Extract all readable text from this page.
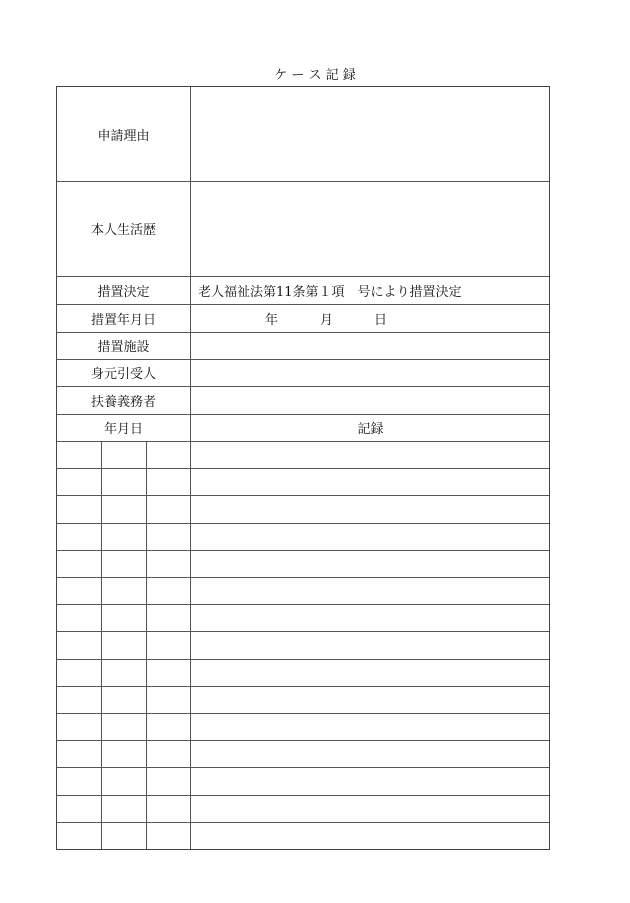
ケ ー ス 記 録
申請理由
本人生活歴
措置決定	老人福祉法第11条第１項　号により措置決定
措置年月日	年	月	日
措置施設
身元引受人
扶養義務者
年月日	記録
